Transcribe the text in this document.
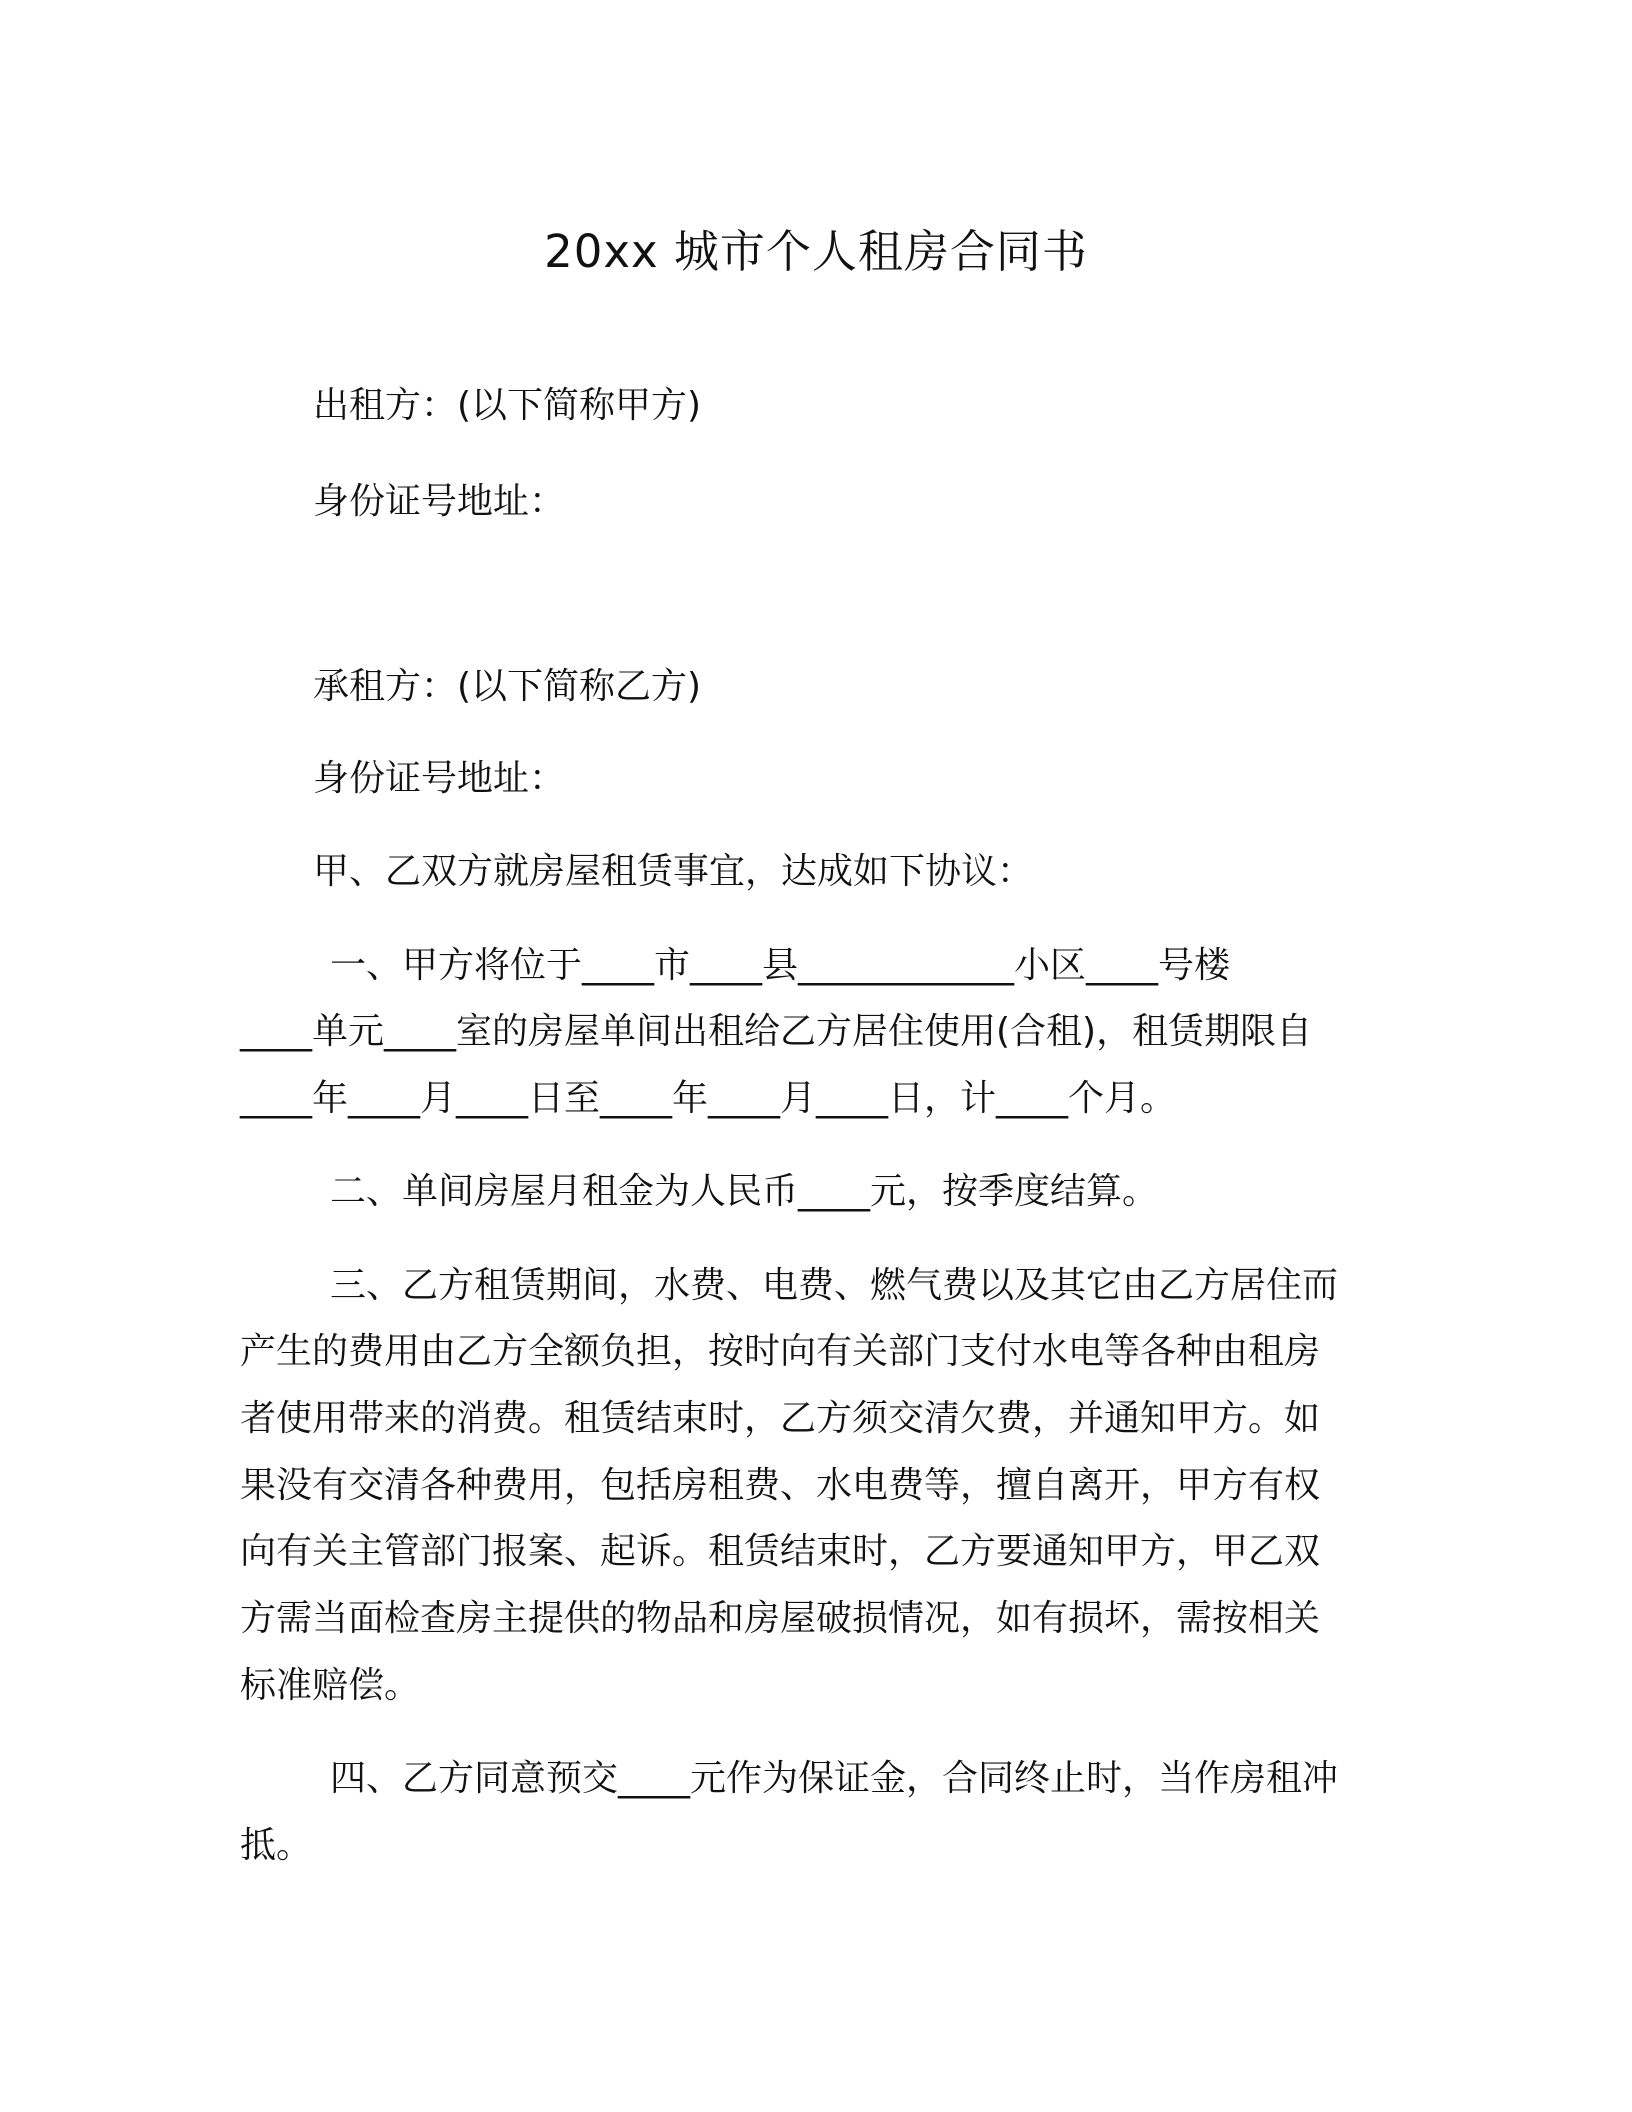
20xx 城市个人租房合同书
出租方：(以下简称甲方)
身份证号地址：
承租方：(以下简称乙方)
身份证号地址：
甲、乙双方就房屋租赁事宜，达成如下协议：
一、甲方将位于____市____县____________小区____号楼
____单元____室的房屋单间出租给乙方居住使用(合租)，租赁期限自
____年____月____日至____年____月____日，计____个月。
二、单间房屋月租金为人民币____元，按季度结算。
三、乙方租赁期间，水费、电费、燃气费以及其它由乙方居住而
产生的费用由乙方全额负担，按时向有关部门支付水电等各种由租房
者使用带来的消费。租赁结束时，乙方须交清欠费，并通知甲方。如
果没有交清各种费用，包括房租费、水电费等，擅自离开，甲方有权
向有关主管部门报案、起诉。租赁结束时，乙方要通知甲方，甲乙双
方需当面检查房主提供的物品和房屋破损情况，如有损坏，需按相关
标准赔偿。
四、乙方同意预交____元作为保证金，合同终止时，当作房租冲
抵。
